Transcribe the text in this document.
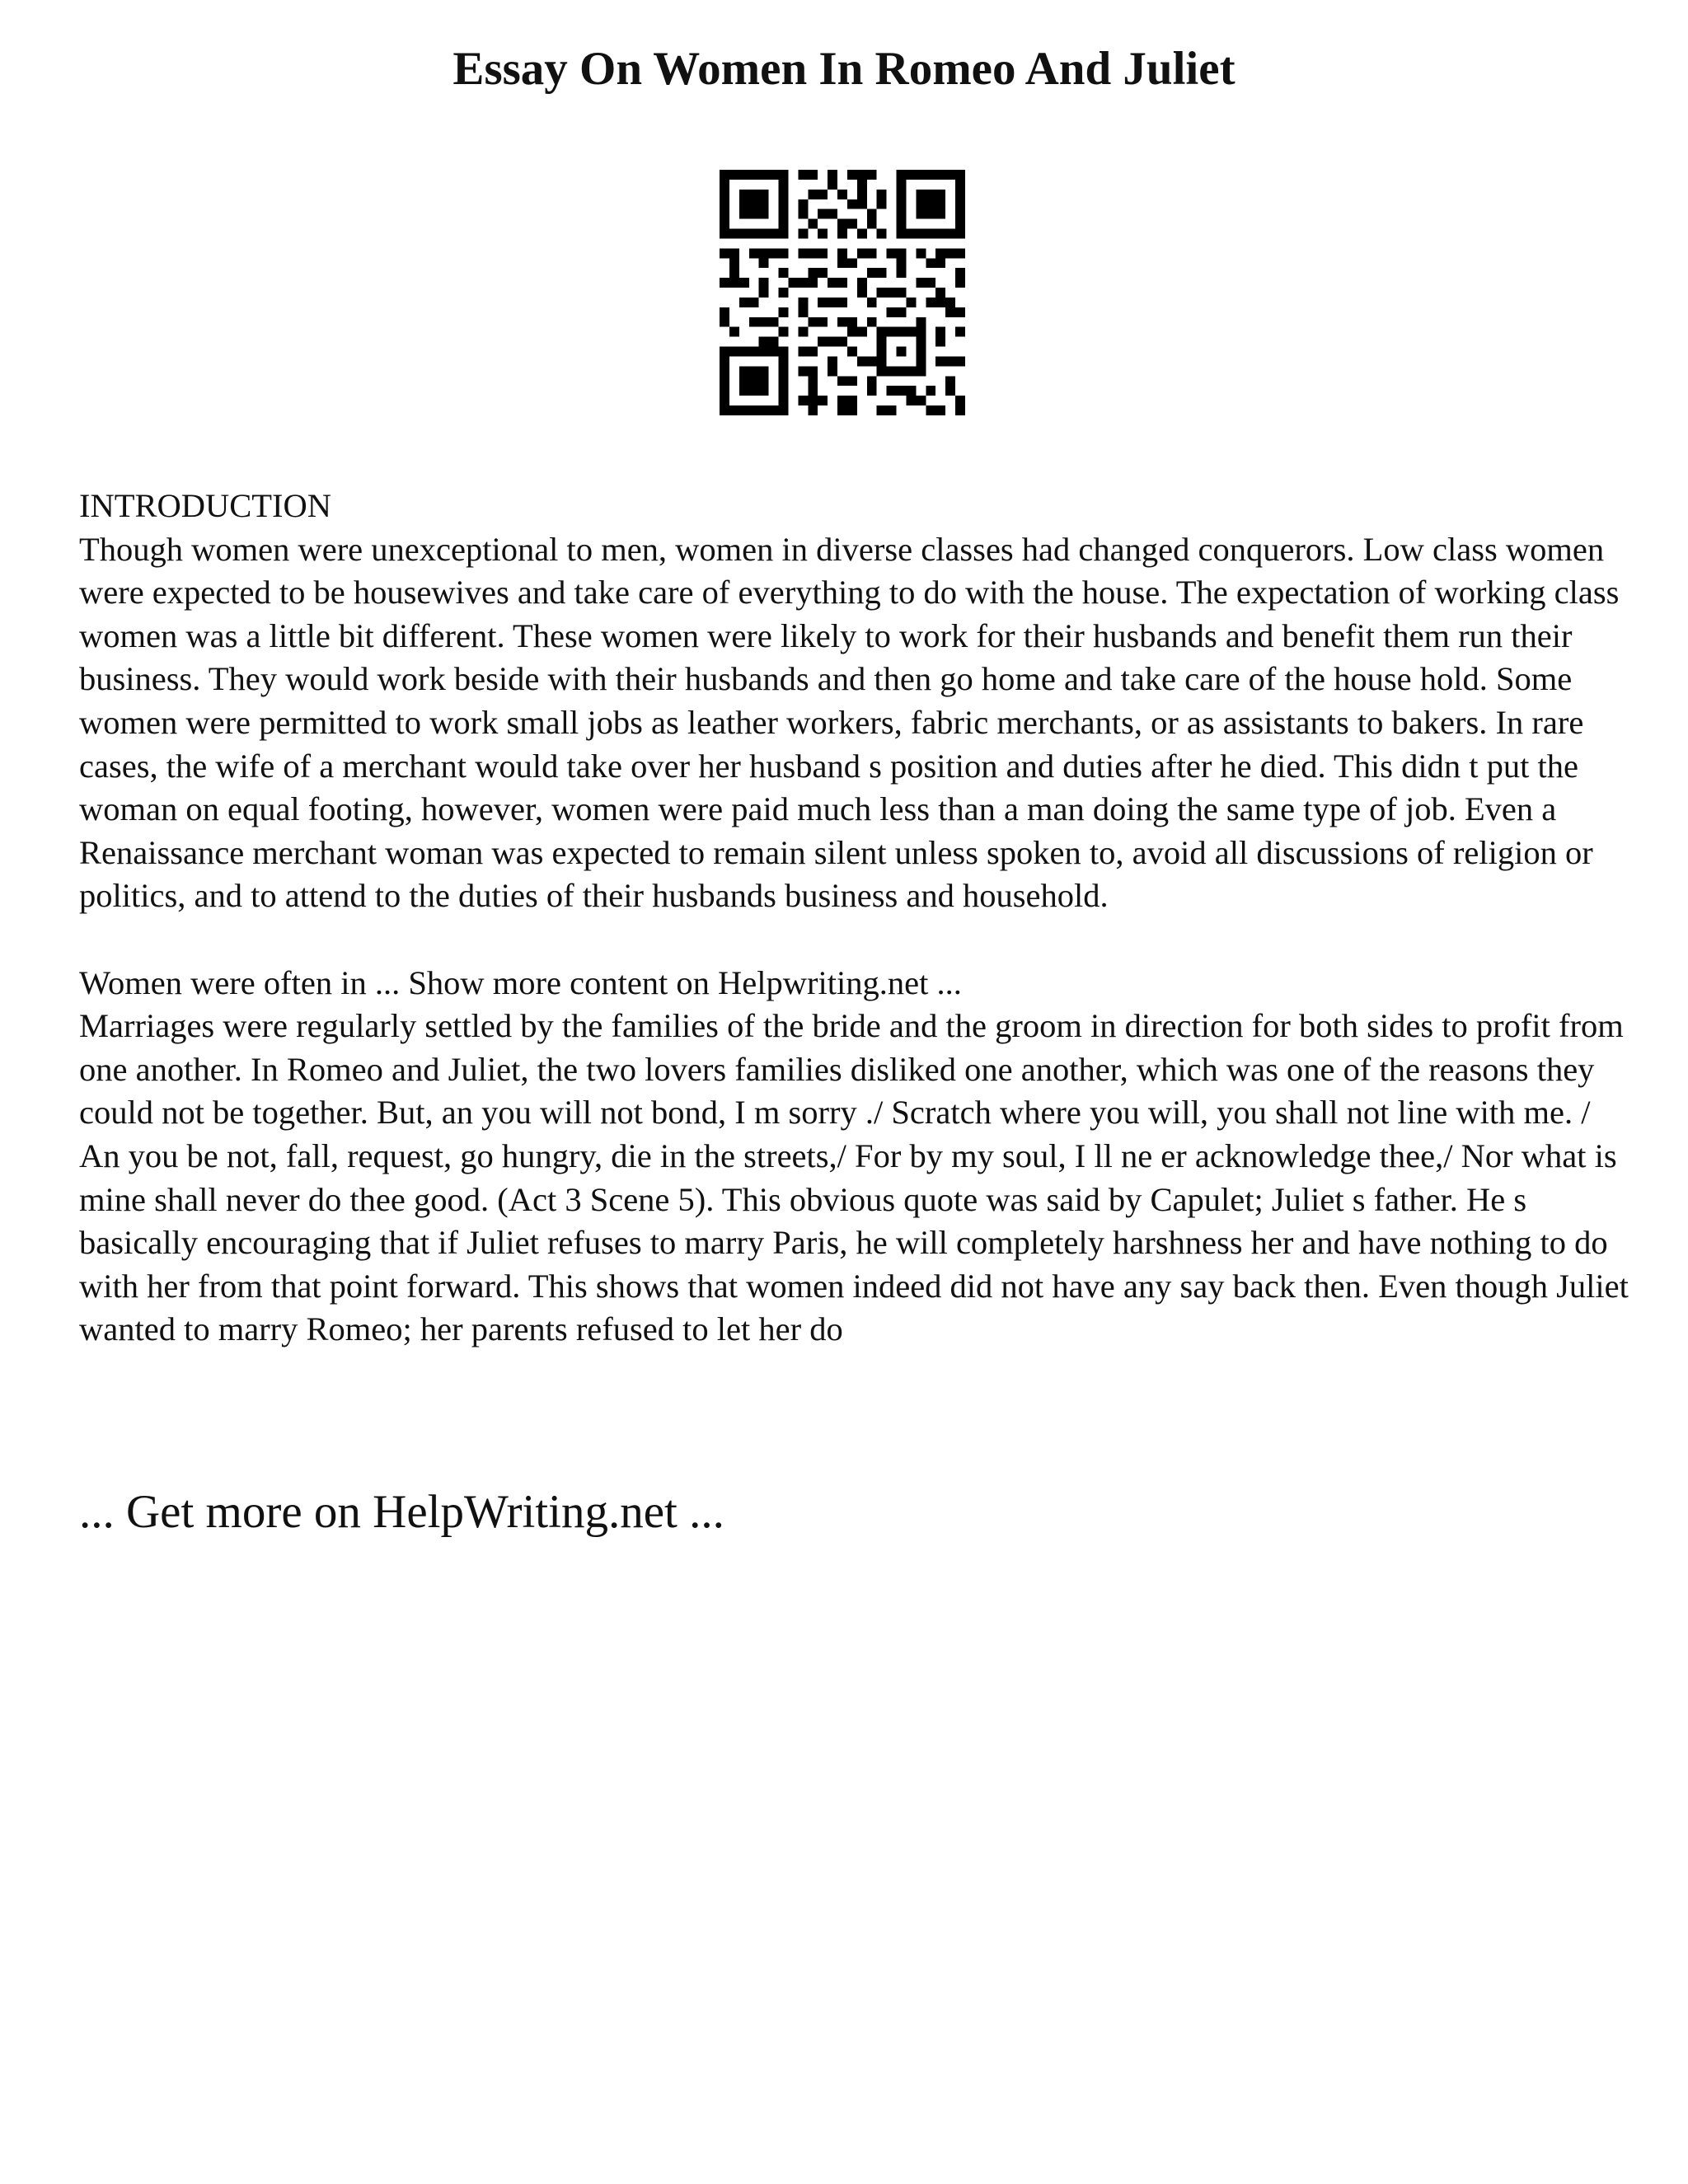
Essay On Women In Romeo And Juliet

INTRODUCTION

Though women were unexceptional to men, women in diverse classes had changed conquerors. Low class women were expected to be housewives and take care of everything to do with the house. The expectation of working class women was a little bit different. These women were likely to work for their husbands and benefit them run their business. They would work beside with their husbands and then go home and take care of the house hold. Some women were permitted to work small jobs as leather workers, fabric merchants, or as assistants to bakers. In rare cases, the wife of a merchant would take over her husband s position and duties after he died. This didn t put the woman on equal footing, however, women were paid much less than a man doing the same type of job. Even a Renaissance merchant woman was expected to remain silent unless spoken to, avoid all discussions of religion or politics, and to attend to the duties of their husbands business and household.

Women were often in ... Show more content on Helpwriting.net ...

Marriages were regularly settled by the families of the bride and the groom in direction for both sides to profit from one another. In Romeo and Juliet, the two lovers families disliked one another, which was one of the reasons they could not be together. But, an you will not bond, I m sorry ./ Scratch where you will, you shall not line with me. / An you be not, fall, request, go hungry, die in the streets,/ For by my soul, I ll ne er acknowledge thee,/ Nor what is mine shall never do thee good. (Act 3 Scene 5). This obvious quote was said by Capulet; Juliet s father. He s basically encouraging that if Juliet refuses to marry Paris, he will completely harshness her and have nothing to do with her from that point forward. This shows that women indeed did not have any say back then. Even though Juliet wanted to marry Romeo; her parents refused to let her do

... Get more on HelpWriting.net ...
